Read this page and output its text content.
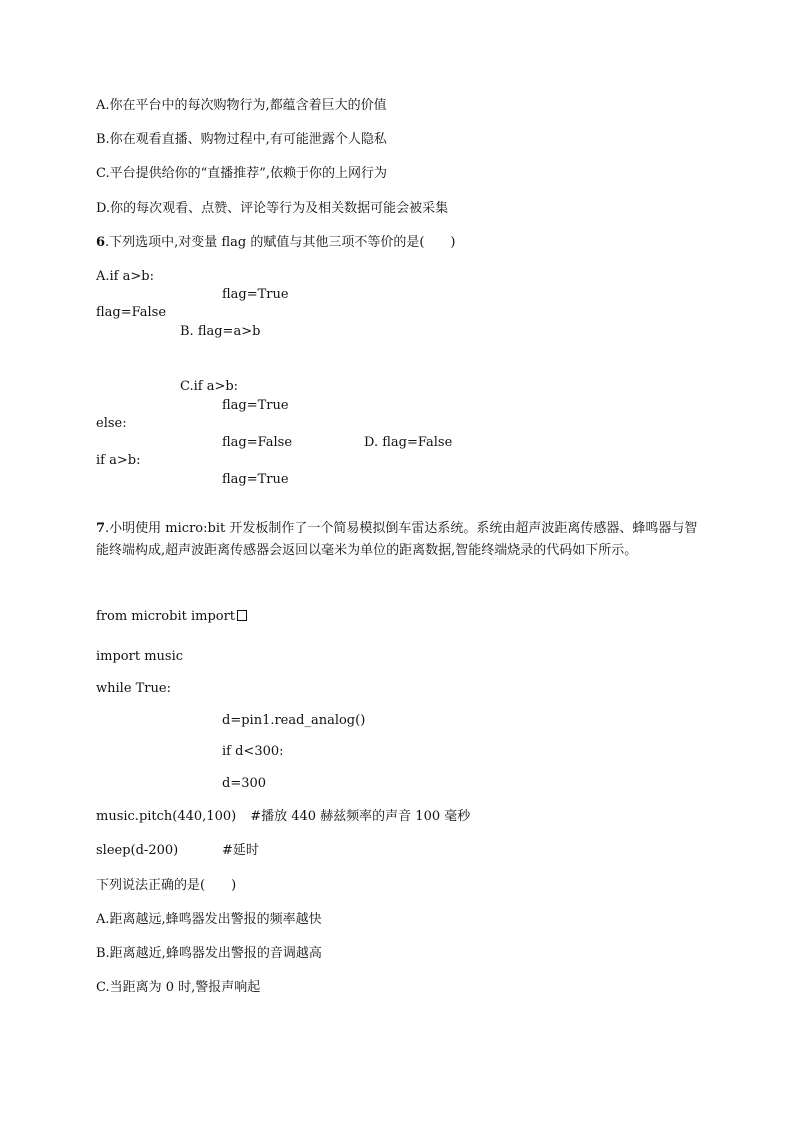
A.你在平台中的每次购物行为,都蕴含着巨大的价值
B.你在观看直播、购物过程中,有可能泄露个人隐私
C.平台提供给你的“直播推荐”,依赖于你的上网行为
D.你的每次观看、点赞、评论等行为及相关数据可能会被采集
6.下列选项中,对变量 flag 的赋值与其他三项不等价的是(　　)
A.if a>b:
flag=True
flag=False
B. flag=a>b
C.if a>b:
flag=True
else:
flag=False	D. flag=False
if a>b:
flag=True
7.小明使用 micro:bit 开发板制作了一个简易模拟倒车雷达系统。系统由超声波距离传感器、蜂鸣器与智能终端构成,超声波距离传感器会返回以毫米为单位的距离数据,智能终端烧录的代码如下所示。
from microbit import
import music
while True:
d=pin1.read_analog()
if d<300:
d=300
music.pitch(440,100) #播放 440 赫兹频率的声音 100 毫秒
sleep(d-200)	#延时
下列说法正确的是(　　)
A.距离越远,蜂鸣器发出警报的频率越快
B.距离越近,蜂鸣器发出警报的音调越高
C.当距离为 0 时,警报声响起
